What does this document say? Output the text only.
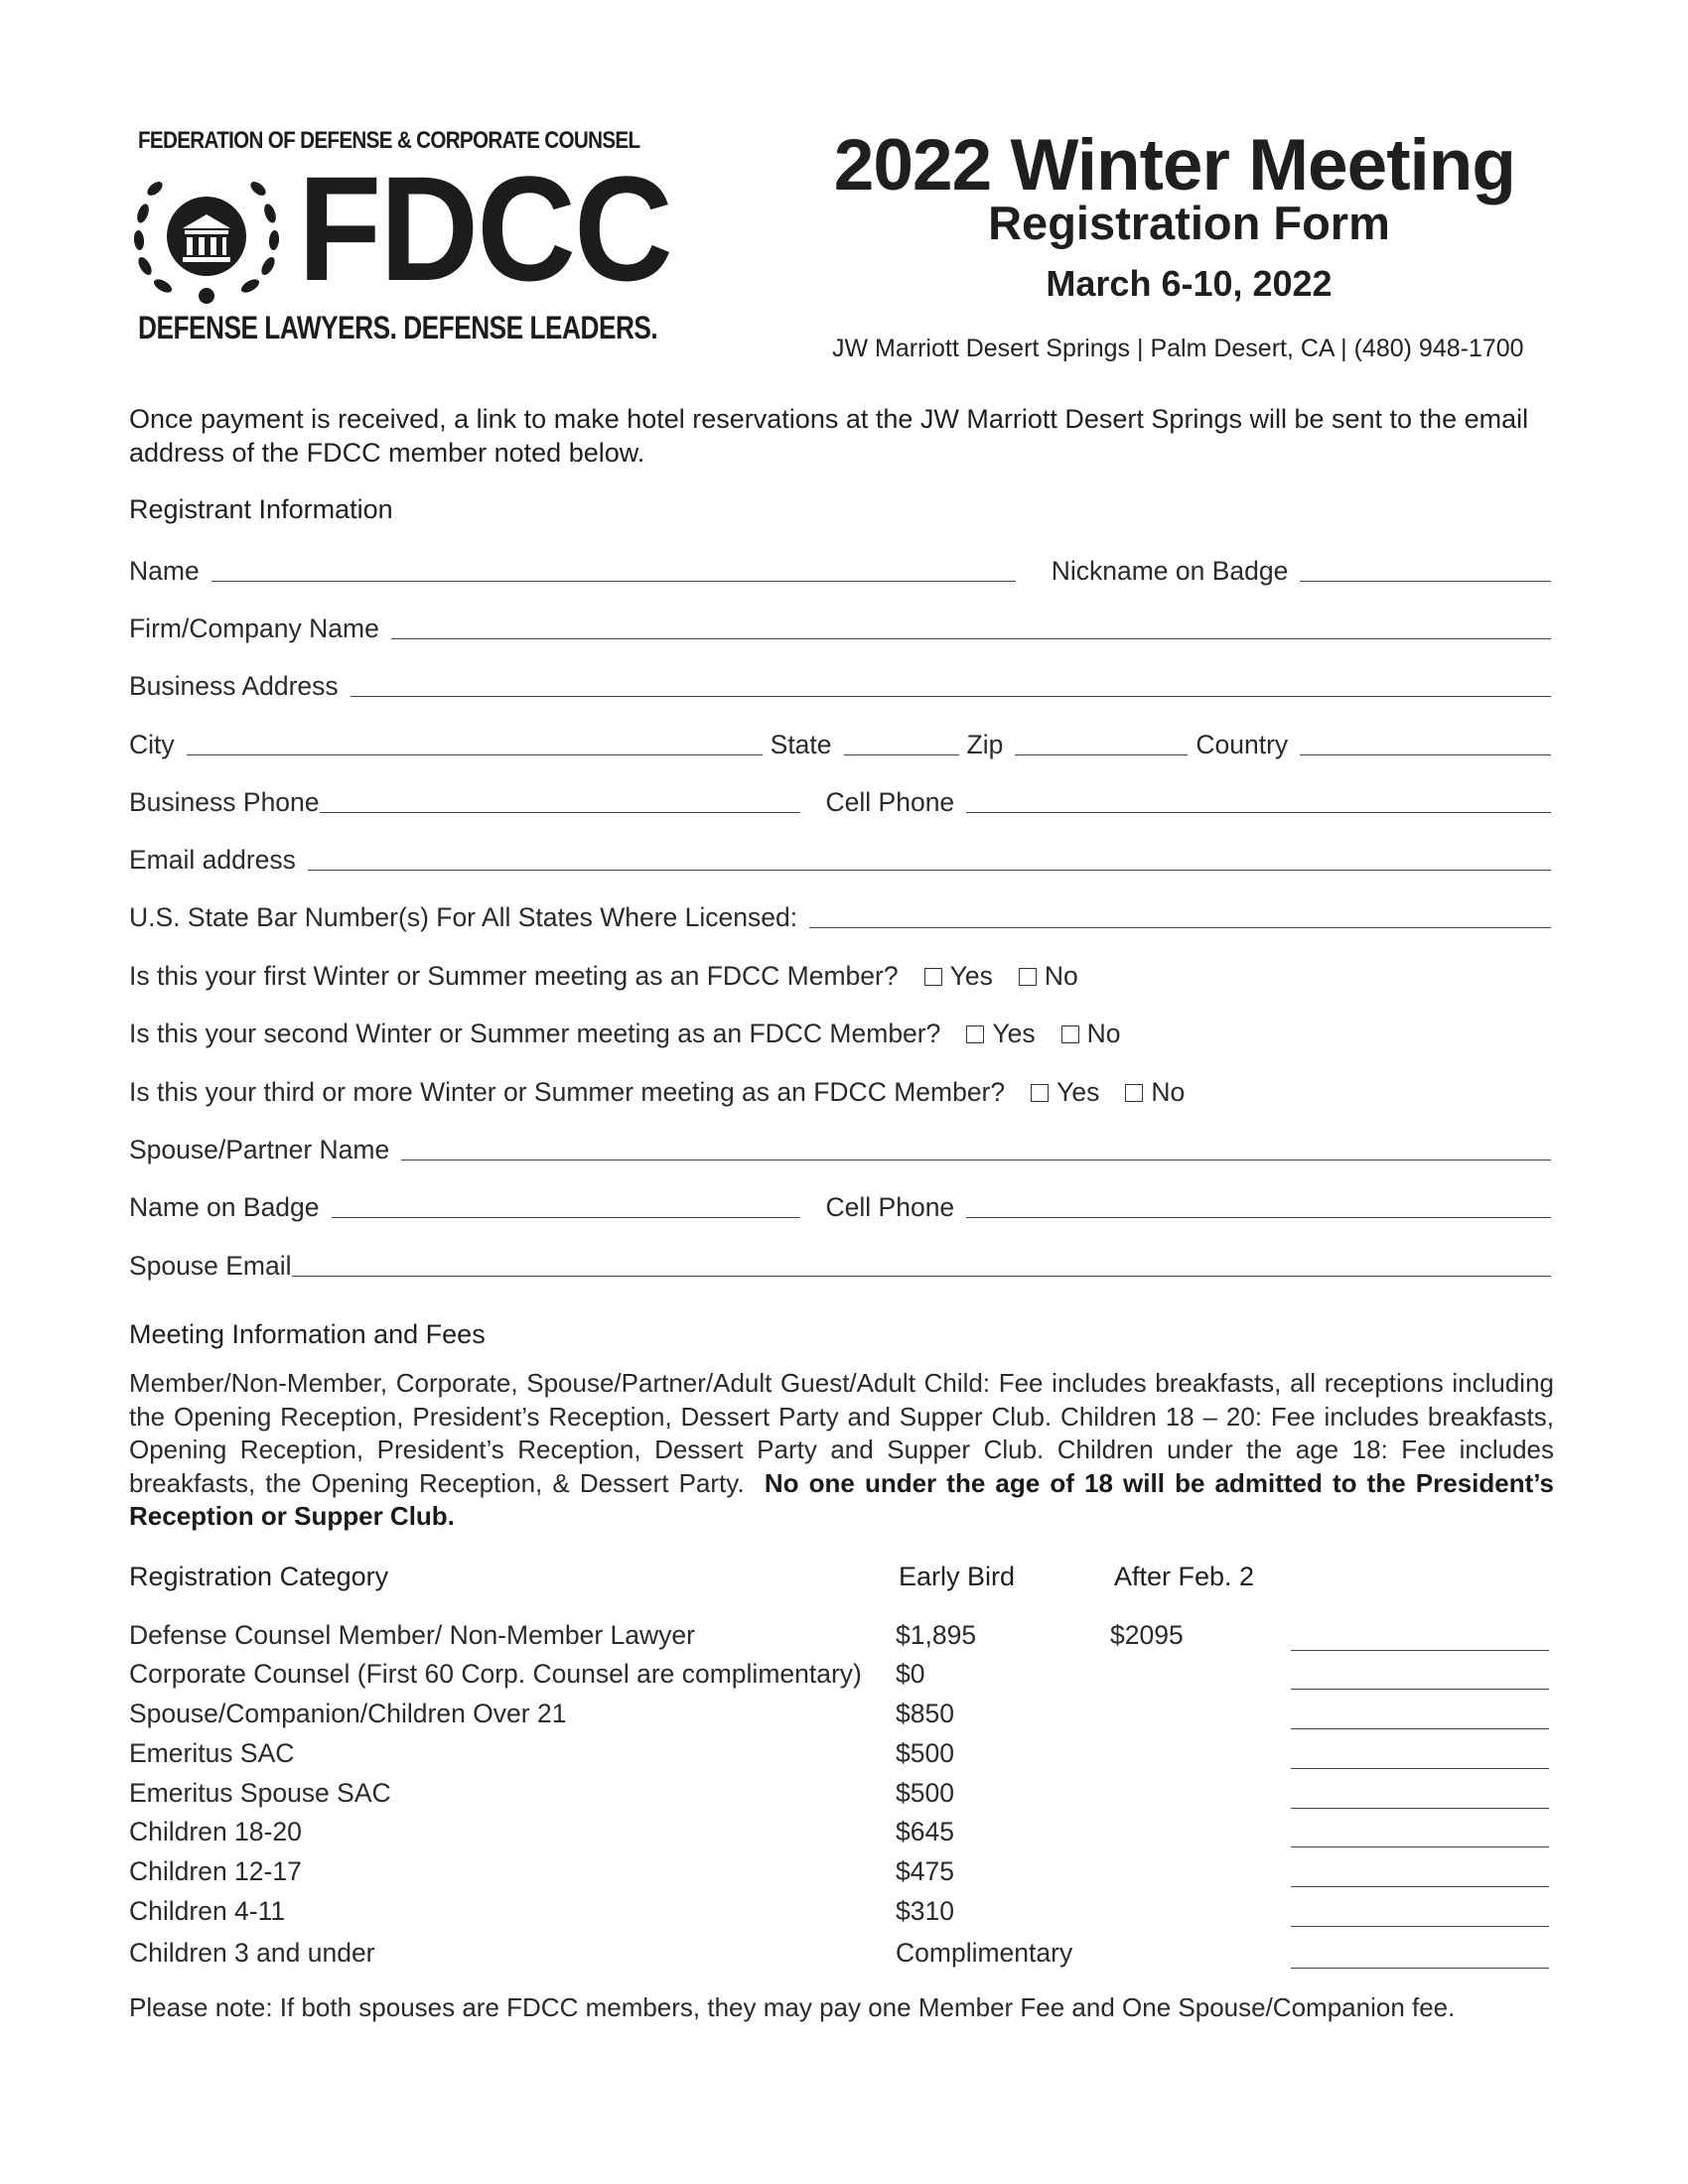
FEDERATION OF DEFENSE & CORPORATE COUNSEL
FDCC
DEFENSE LAWYERS. DEFENSE LEADERS.
2022 Winter Meeting
Registration Form
March 6-10, 2022
JW Marriott Desert Springs | Palm Desert, CA | (480) 948-1700
Once payment is received, a link to make hotel reservations at the JW Marriott Desert Springs will be sent to the email address of the FDCC member noted below.
Registrant Information
Name	Nickname on Badge
Firm/Company Name
Business Address
City	State	Zip	Country
Business Phone	Cell Phone
Email address
U.S. State Bar Number(s) For All States Where Licensed:
Is this your first Winter or Summer meeting as an FDCC Member? Yes No
Is this your second Winter or Summer meeting as an FDCC Member? Yes No
Is this your third or more Winter or Summer meeting as an FDCC Member? Yes No
Spouse/Partner Name
Name on Badge	Cell Phone
Spouse Email
Meeting Information and Fees
Member/Non-Member, Corporate, Spouse/Partner/Adult Guest/Adult Child: Fee includes breakfasts, all receptions including the Opening Reception, President’s Reception, Dessert Party and Supper Club. Children 18 – 20: Fee includes breakfasts, Opening Reception, President’s Reception, Dessert Party and Supper Club. Children under the age 18: Fee includes breakfasts, the Opening Reception, & Dessert Party. No one under the age of 18 will be admitted to the President’s Reception or Supper Club.
Registration Category	Early Bird	After Feb. 2
Defense Counsel Member/ Non-Member Lawyer	$1,895	$2095
Corporate Counsel (First 60 Corp. Counsel are complimentary) $0
Spouse/Companion/Children Over 21	$850
Emeritus SAC	$500
Emeritus Spouse SAC	$500
Children 18-20	$645
Children 12-17	$475
Children 4-11	$310
Children 3 and under	Complimentary
Please note: If both spouses are FDCC members, they may pay one Member Fee and One Spouse/Companion fee.
